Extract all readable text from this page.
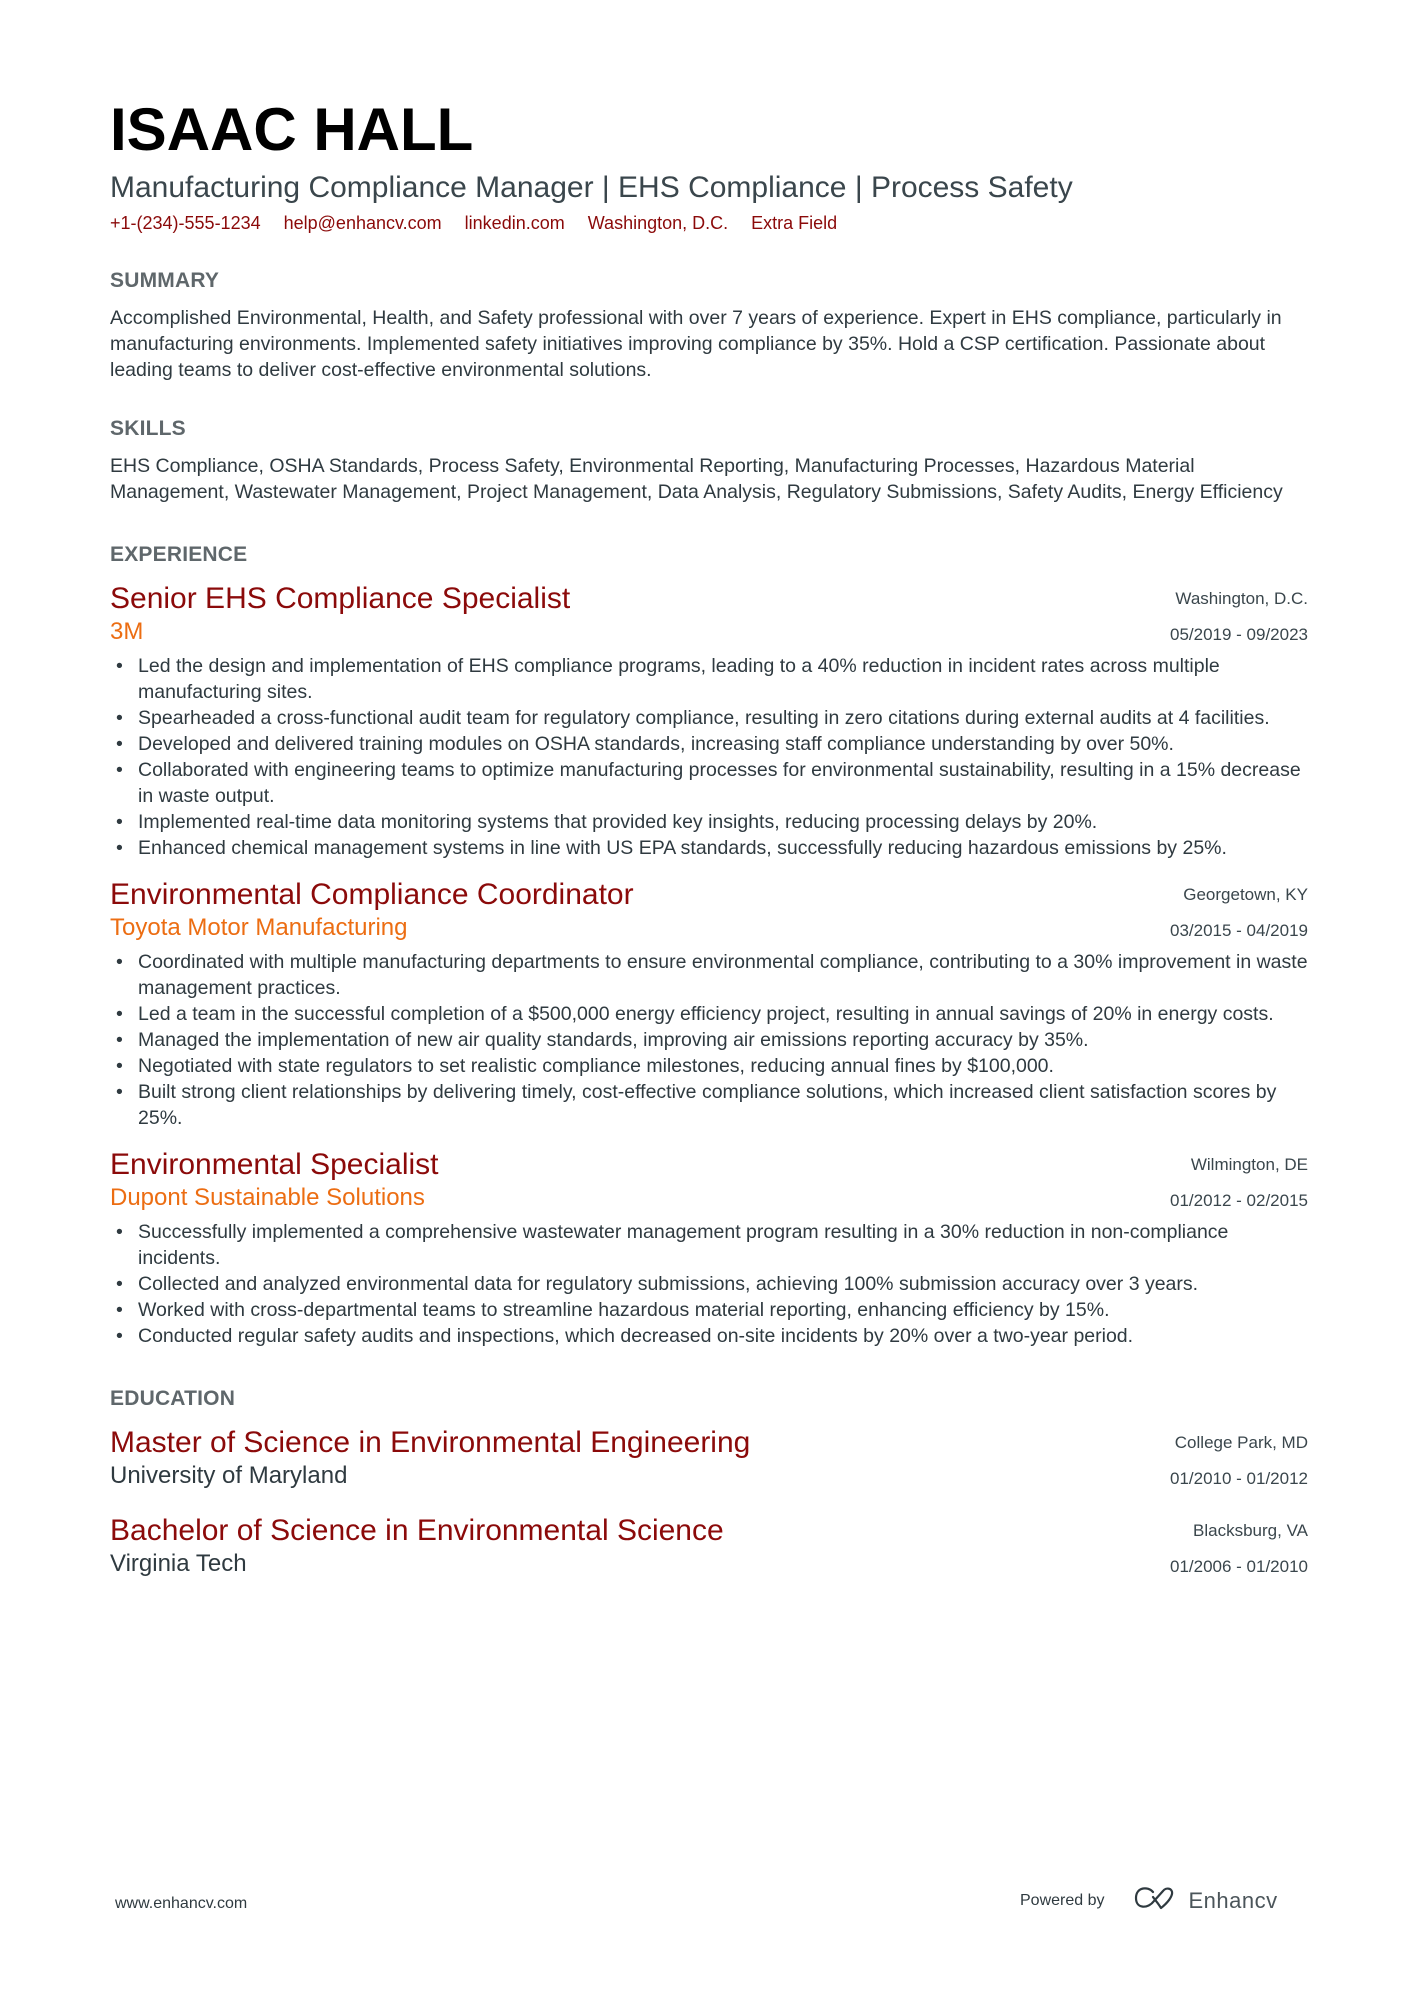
ISAAC HALL
Manufacturing Compliance Manager | EHS Compliance | Process Safety
+1-(234)-555-1234 help@enhancv.com linkedin.com Washington, D.C. Extra Field
SUMMARY
Accomplished Environmental, Health, and Safety professional with over 7 years of experience. Expert in EHS compliance, particularly in manufacturing environments. Implemented safety initiatives improving compliance by 35%. Hold a CSP certification. Passionate about leading teams to deliver cost-effective environmental solutions.
SKILLS
EHS Compliance, OSHA Standards, Process Safety, Environmental Reporting, Manufacturing Processes, Hazardous Material Management, Wastewater Management, Project Management, Data Analysis, Regulatory Submissions, Safety Audits, Energy Efficiency
EXPERIENCE
Senior EHS Compliance Specialist
3M
Washington, D.C.
05/2019 - 09/2023
• Led the design and implementation of EHS compliance programs, leading to a 40% reduction in incident rates across multiple manufacturing sites.
• Spearheaded a cross-functional audit team for regulatory compliance, resulting in zero citations during external audits at 4 facilities.
• Developed and delivered training modules on OSHA standards, increasing staff compliance understanding by over 50%.
• Collaborated with engineering teams to optimize manufacturing processes for environmental sustainability, resulting in a 15% decrease in waste output.
• Implemented real-time data monitoring systems that provided key insights, reducing processing delays by 20%.
• Enhanced chemical management systems in line with US EPA standards, successfully reducing hazardous emissions by 25%.
Environmental Compliance Coordinator
Toyota Motor Manufacturing
Georgetown, KY
03/2015 - 04/2019
• Coordinated with multiple manufacturing departments to ensure environmental compliance, contributing to a 30% improvement in waste management practices.
• Led a team in the successful completion of a $500,000 energy efficiency project, resulting in annual savings of 20% in energy costs.
• Managed the implementation of new air quality standards, improving air emissions reporting accuracy by 35%.
• Negotiated with state regulators to set realistic compliance milestones, reducing annual fines by $100,000.
• Built strong client relationships by delivering timely, cost-effective compliance solutions, which increased client satisfaction scores by 25%.
Environmental Specialist
Dupont Sustainable Solutions
Wilmington, DE
01/2012 - 02/2015
• Successfully implemented a comprehensive wastewater management program resulting in a 30% reduction in non-compliance incidents.
• Collected and analyzed environmental data for regulatory submissions, achieving 100% submission accuracy over 3 years.
• Worked with cross-departmental teams to streamline hazardous material reporting, enhancing efficiency by 15%.
• Conducted regular safety audits and inspections, which decreased on-site incidents by 20% over a two-year period.
EDUCATION
Master of Science in Environmental Engineering
University of Maryland
College Park, MD
01/2010 - 01/2012
Bachelor of Science in Environmental Science
Virginia Tech
Blacksburg, VA
01/2006 - 01/2010
www.enhancv.com	Powered by	Enhancv
